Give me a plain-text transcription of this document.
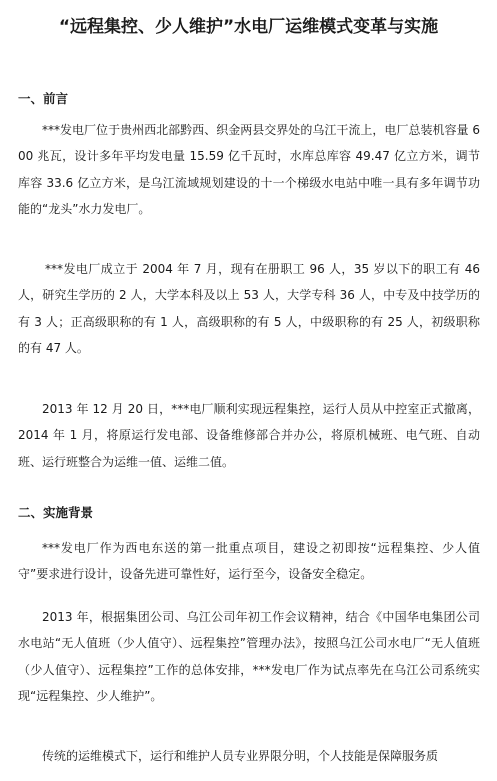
“远程集控、少人维护”水电厂运维模式变革与实施
一、前言

***发电厂位于贵州西北部黔西、织金两县交界处的乌江干流上，电厂总装机容量 600 兆瓦，设计多年平均发电量 15.59 亿千瓦时，水库总库容 49.47 亿立方米，调节库容 33.6 亿立方米，是乌江流域规划建设的十一个梯级水电站中唯一具有多年调节功能的“龙头”水力发电厂。

***发电厂成立于 2004 年 7 月，现有在册职工 96 人，35 岁以下的职工有 46 人，研究生学历的 2 人，大学本科及以上 53 人，大学专科 36 人，中专及中技学历的有 3 人；正高级职称的有 1 人，高级职称的有 5 人，中级职称的有 25 人，初级职称的有 47 人。

2013 年 12 月 20 日，***电厂顺利实现远程集控，运行人员从中控室正式撤离，2014 年 1 月，将原运行发电部、设备维修部合并办公，将原机械班、电气班、自动班、运行班整合为运维一值、运维二值。

二、实施背景

***发电厂作为西电东送的第一批重点项目，建设之初即按“远程集控、少人值守”要求进行设计，设备先进可靠性好，运行至今，设备安全稳定。

2013 年，根据集团公司、乌江公司年初工作会议精神，结合《中国华电集团公司水电站“无人值班（少人值守）、远程集控”管理办法》，按照乌江公司水电厂“无人值班（少人值守）、远程集控”工作的总体安排，***发电厂作为试点率先在乌江公司系统实现“远程集控、少人维护”。

传统的运维模式下，运行和维护人员专业界限分明，个人技能是保障服务质
